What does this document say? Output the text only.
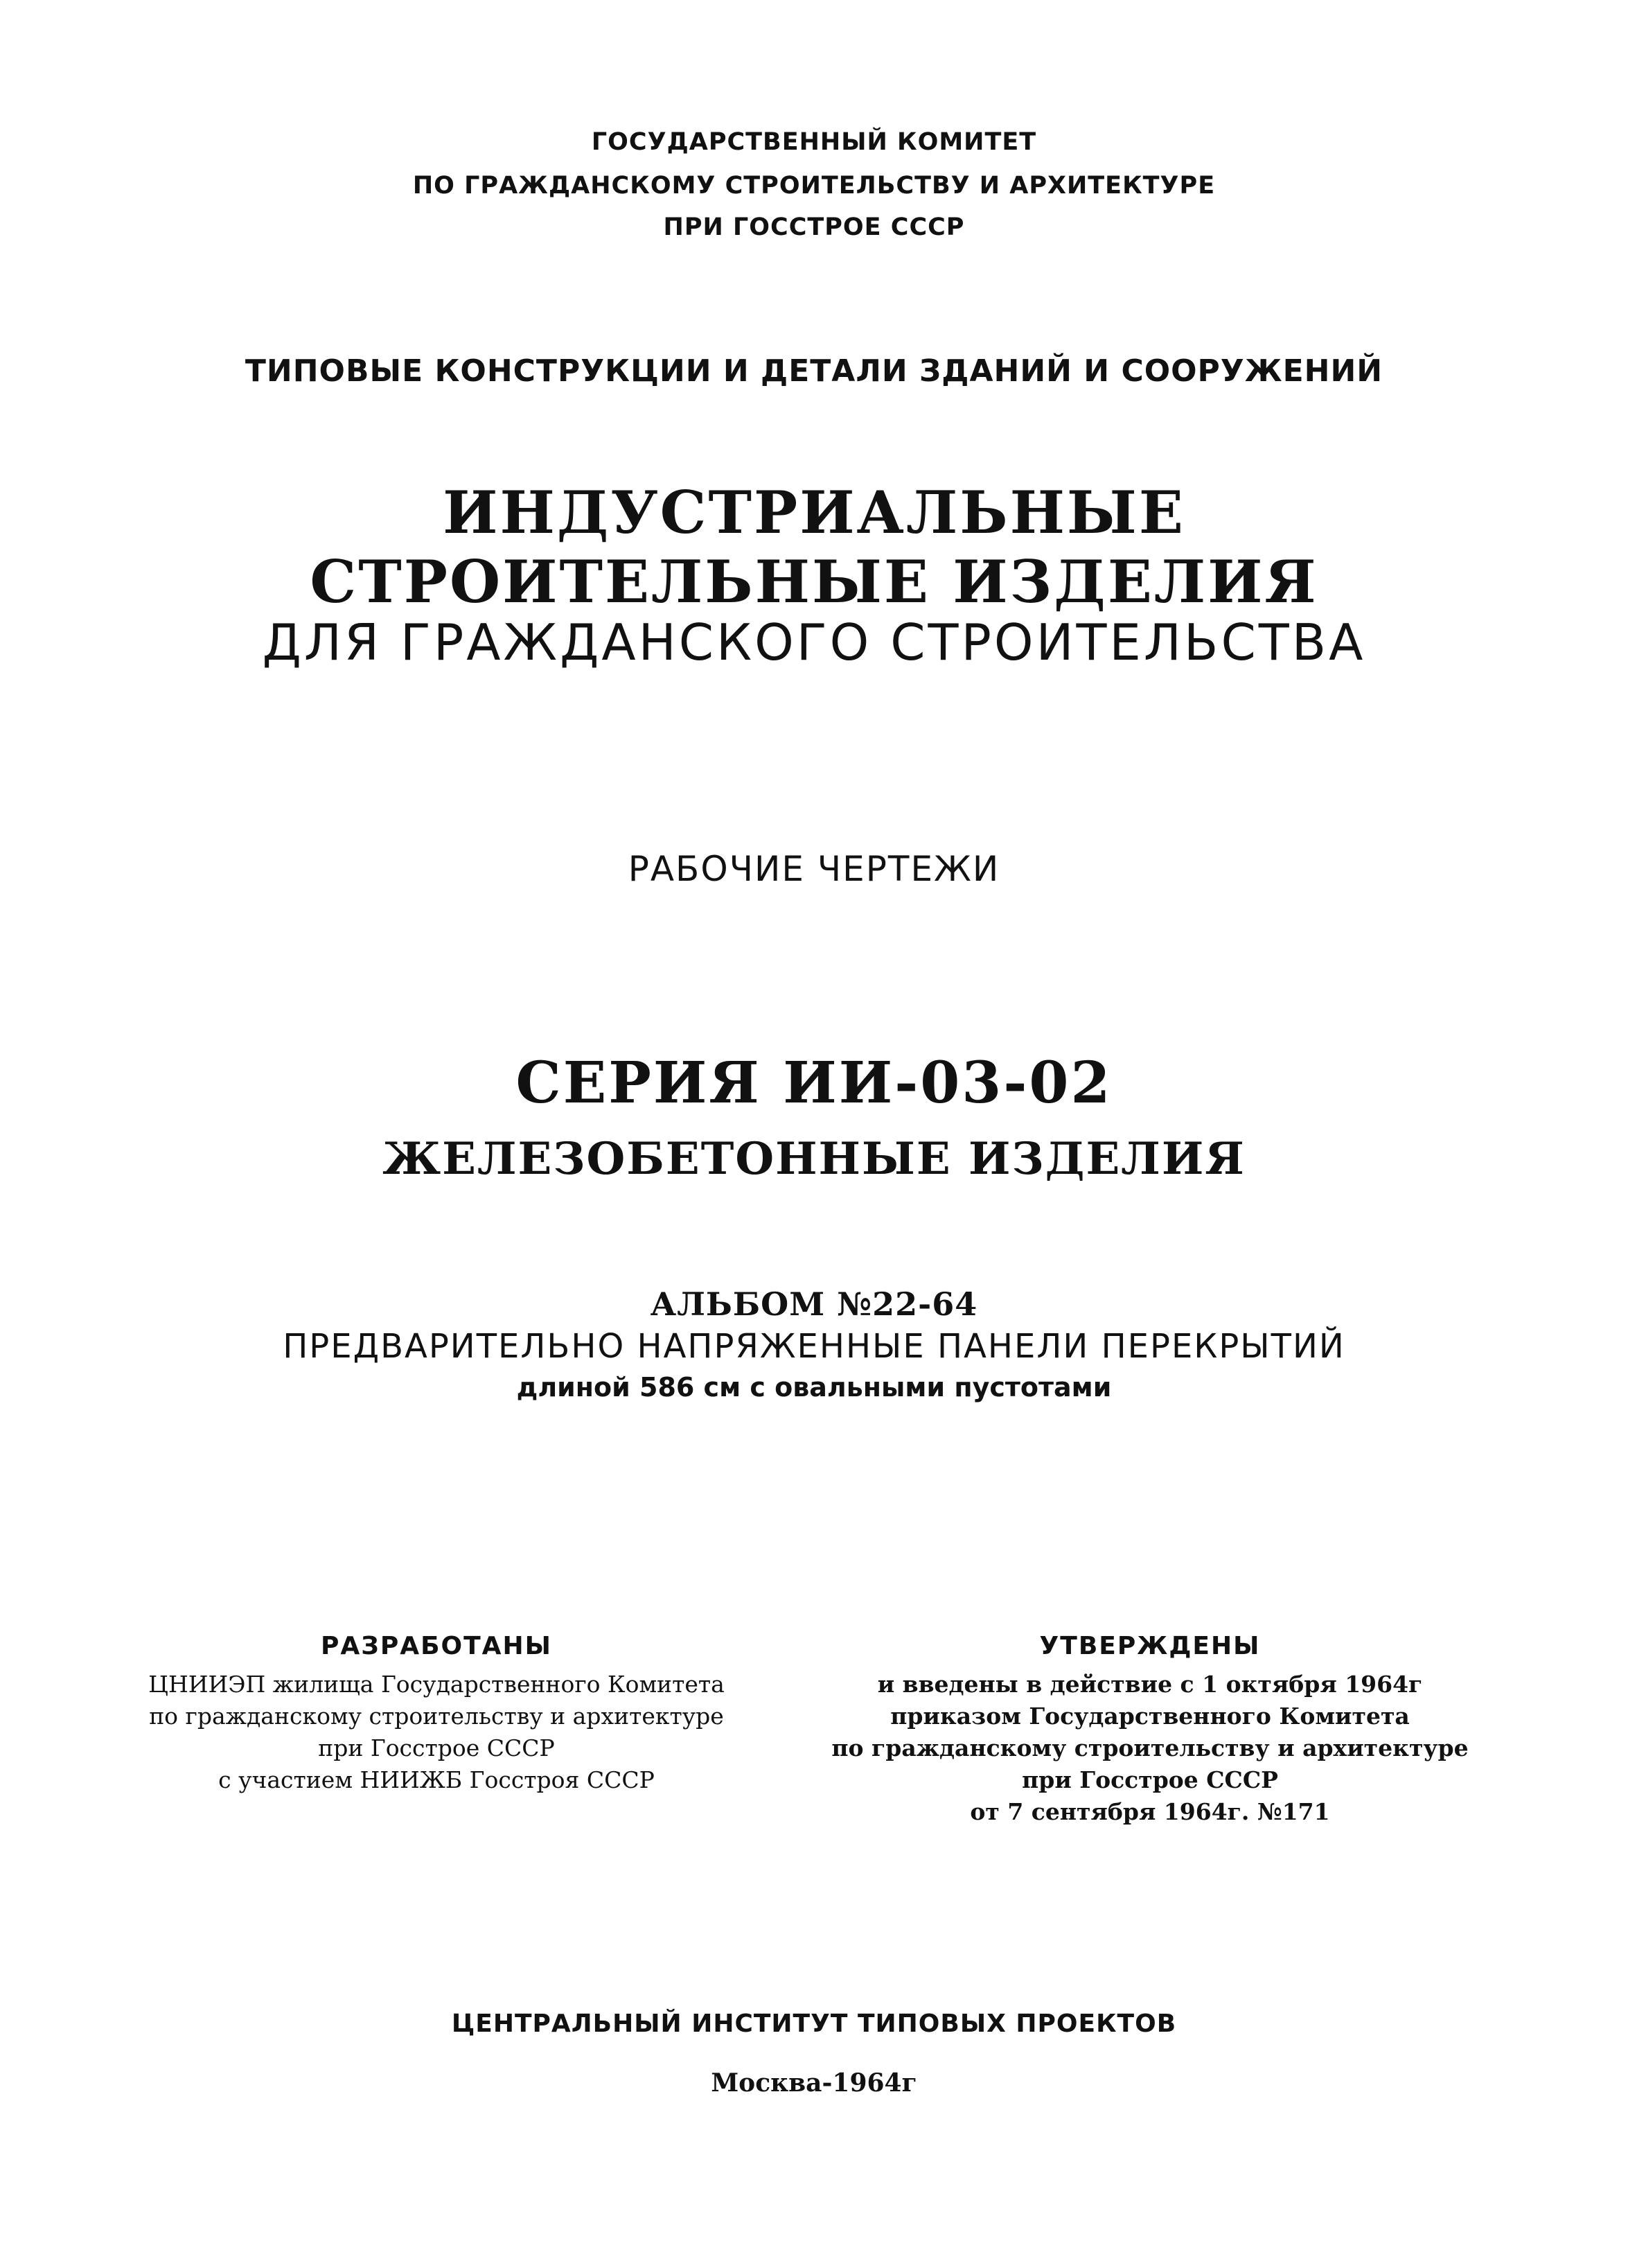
ГОСУДАРСТВЕННЫЙ КОМИТЕТ

ПО ГРАЖДАНСКОМУ СТРОИТЕЛЬСТВУ И АРХИТЕКТУРЕ

ПРИ ГОССТРОЕ СССР

ТИПОВЫЕ КОНСТРУКЦИИ И ДЕТАЛИ ЗДАНИЙ И СООРУЖЕНИЙ

ИНДУСТРИАЛЬНЫЕ

СТРОИТЕЛЬНЫЕ ИЗДЕЛИЯ

ДЛЯ ГРАЖДАНСКОГО СТРОИТЕЛЬСТВА

РАБОЧИЕ ЧЕРТЕЖИ

СЕРИЯ ИИ-03-02

ЖЕЛЕЗОБЕТОННЫЕ ИЗДЕЛИЯ

АЛЬБОМ №22-64

ПРЕДВАРИТЕЛЬНО НАПРЯЖЕННЫЕ ПАНЕЛИ ПЕРЕКРЫТИЙ

длиной 586 см с овальными пустотами

РАЗРАБОТАНЫ

ЦНИИЭП жилища Государственного Комитета

по гражданскому строительству и архитектуре

при Госстрое СССР

с участием НИИЖБ Госстроя СССР

УТВЕРЖДЕНЫ

и введены в действие с 1 октября 1964г

приказом Государственного Комитета

по гражданскому строительству и архитектуре

при Госстрое СССР

от 7 сентября 1964г. №171

ЦЕНТРАЛЬНЫЙ ИНСТИТУТ ТИПОВЫХ ПРОЕКТОВ

Москва-1964г
